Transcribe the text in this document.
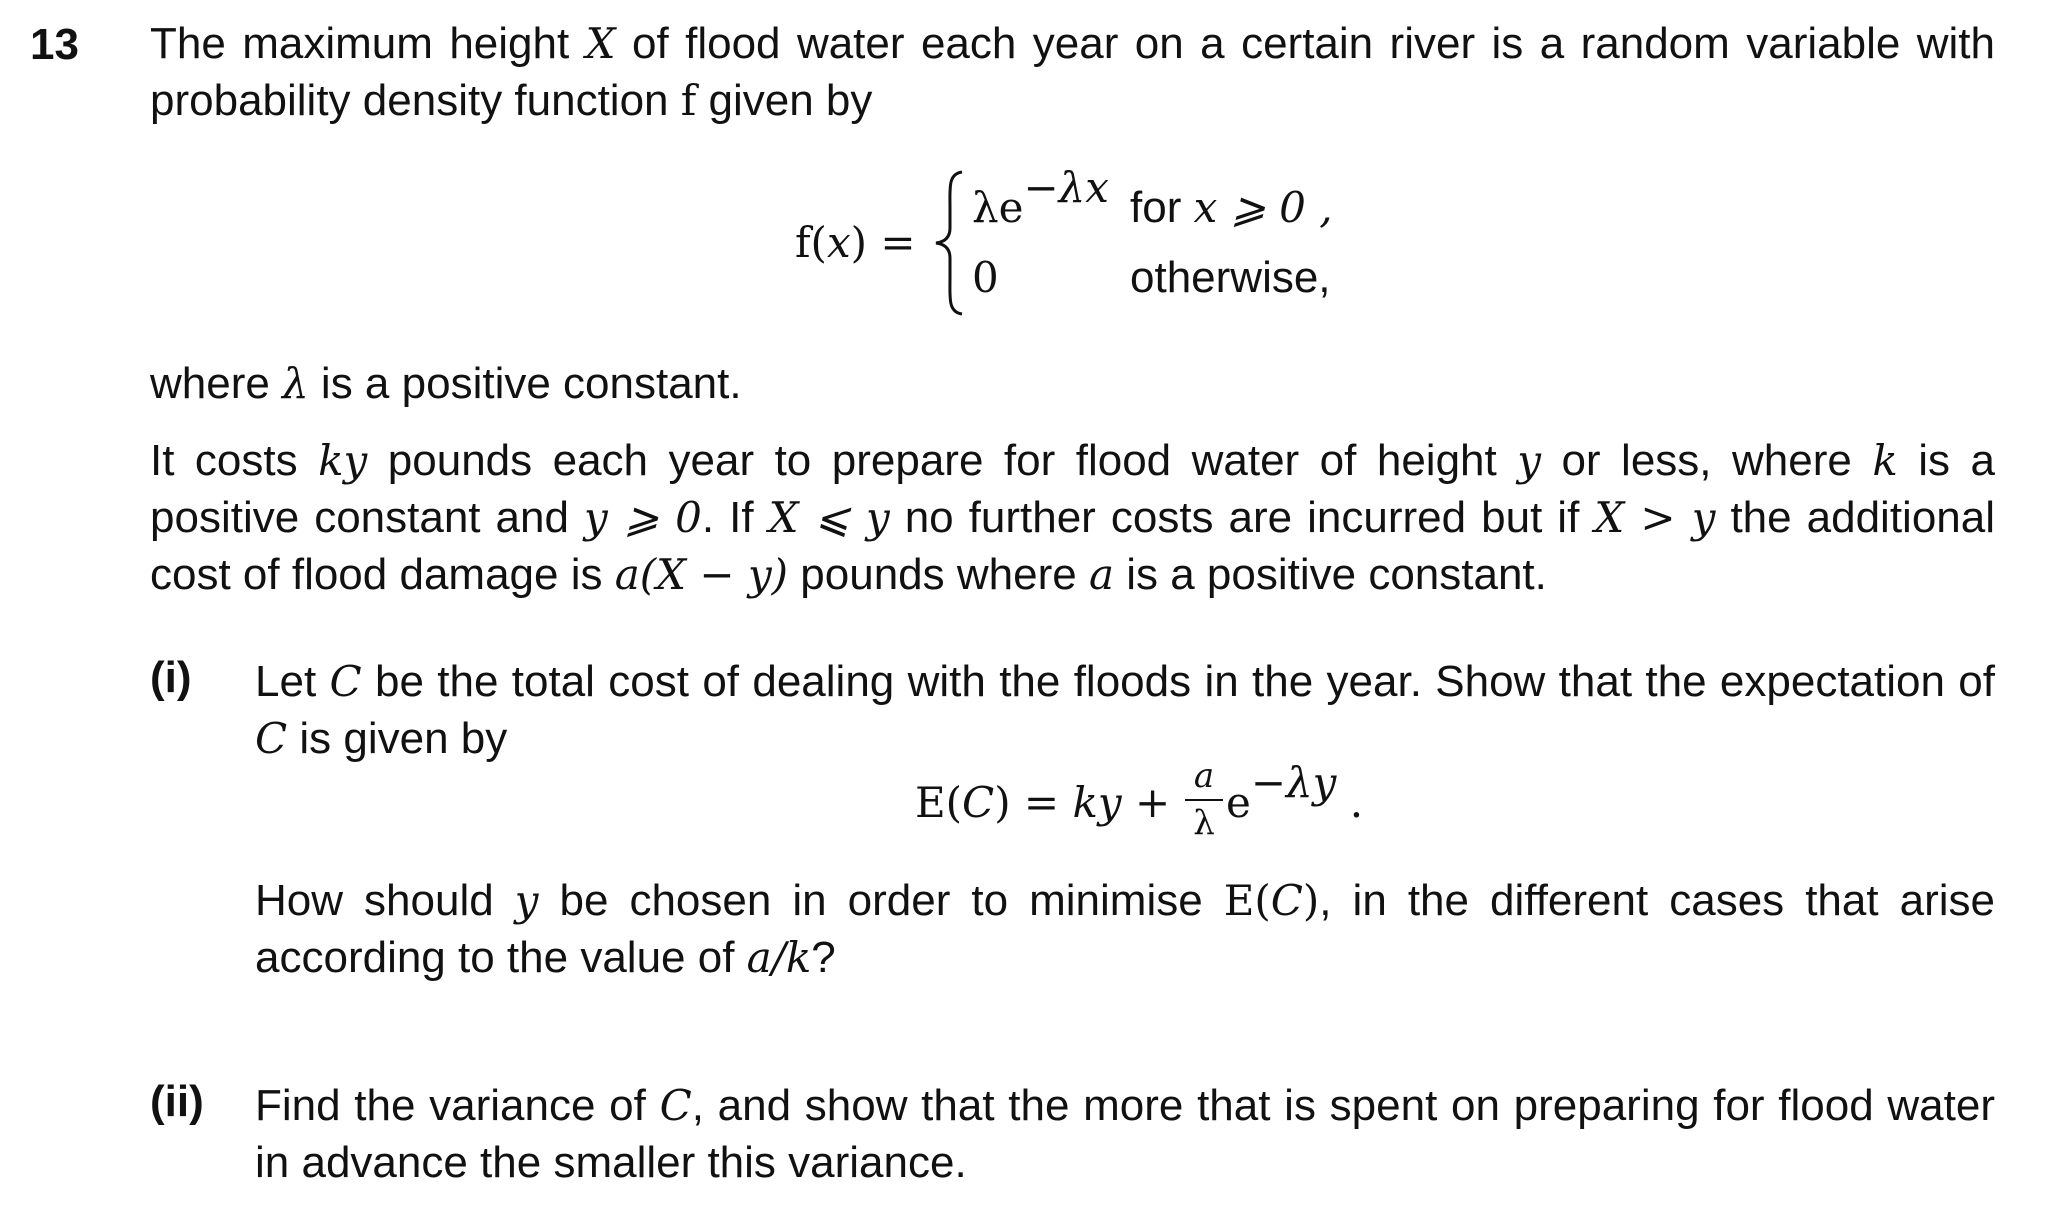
13 The maximum height X of flood water each year on a certain river is a random variable with probability density function f given by
f(x) =
$\lambda e^{-\lambda x}$ for x ⩾ 0 ,
0	otherwise,
where λ is a positive constant.
It costs ky pounds each year to prepare for flood water of height y or less, where k is a positive constant and y ⩾ 0. If X ⩽ y no further costs are incurred but if X > y the additional cost of flood damage is a(X − y) pounds where a is a positive constant.
(i) Let C be the total cost of dealing with the floods in the year. Show that the expectation of C is given by
E(C) = ky +
a
λ $e^{-\lambda y}$ .
How should y be chosen in order to minimise E(C), in the different cases that arise according to the value of a/k?
(ii) Find the variance of C, and show that the more that is spent on preparing for flood water in advance the smaller this variance.
